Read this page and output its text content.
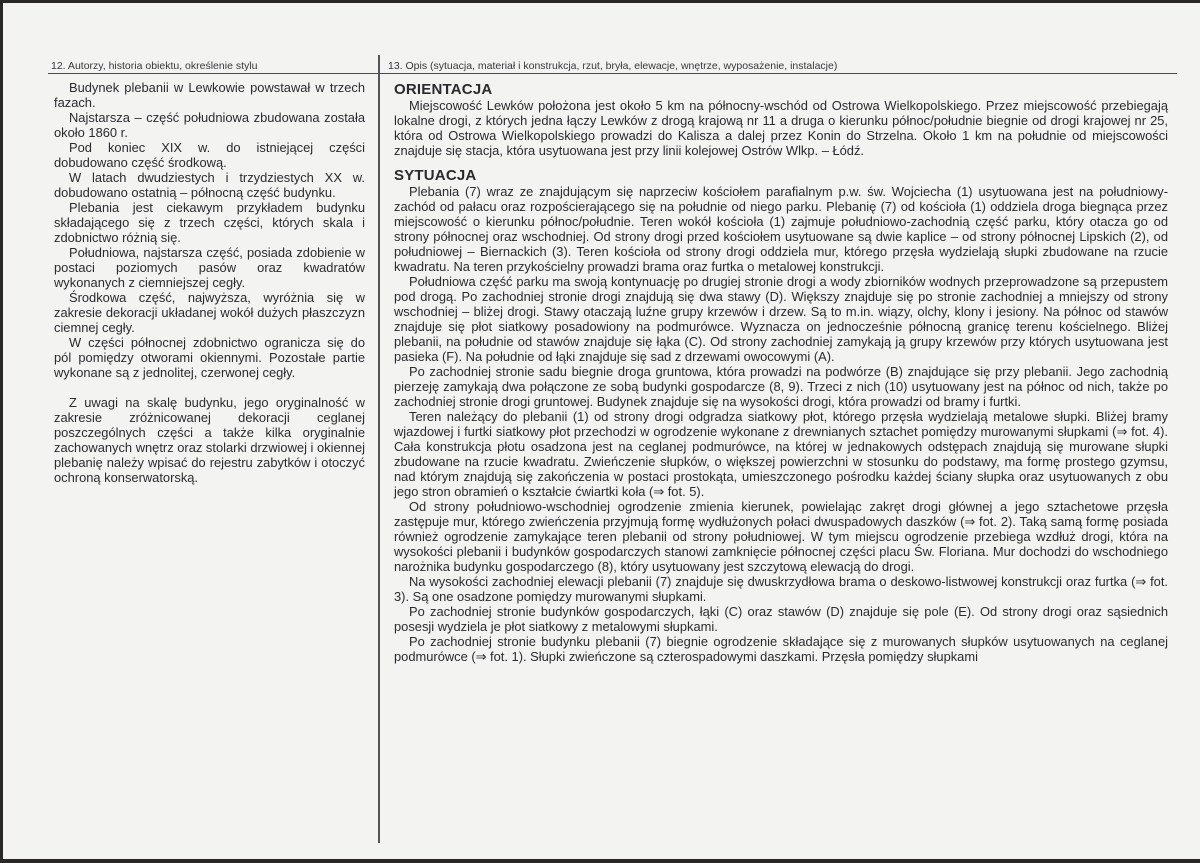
12. Autorzy, historia obiektu, określenie stylu	13. Opis (sytuacja, materiał i konstrukcja, rzut, bryła, elewacje, wnętrze, wyposażenie, instalacje)

Budynek plebanii w Lewkowie powstawał w trzech fazach.

Najstarsza – część południowa zbudowana została około 1860 r.

Pod koniec XIX w. do istniejącej części dobudowano część środkową.

W latach dwudziestych i trzydziestych XX w. dobudowano ostatnią – północną część budynku.

Plebania jest ciekawym przykładem budynku składającego się z trzech części, których skala i zdobnictwo różnią się.

Południowa, najstarsza część, posiada zdobienie w postaci poziomych pasów oraz kwadratów wykonanych z ciemniejszej cegły.

Środkowa część, najwyższa, wyróżnia się w zakresie dekoracji układanej wokół dużych płaszczyzn ciemnej cegły.

W części północnej zdobnictwo ogranicza się do pól pomiędzy otworami okiennymi. Pozostałe partie wykonane są z jednolitej, czerwonej cegły.

Z uwagi na skalę budynku, jego oryginalność w zakresie zróżnicowanej dekoracji ceglanej poszczególnych części a także kilka oryginalnie zachowanych wnętrz oraz stolarki drzwiowej i okiennej plebanię należy wpisać do rejestru zabytków i otoczyć ochroną konserwatorską.

ORIENTACJA

Miejscowość Lewków położona jest około 5 km na północny-wschód od Ostrowa Wielkopolskiego. Przez miejscowość przebiegają lokalne drogi, z których jedna łączy Lewków z drogą krajową nr 11 a druga o kierunku północ/południe biegnie od drogi krajowej nr 25, która od Ostrowa Wielkopolskiego prowadzi do Kalisza a dalej przez Konin do Strzelna. Około 1 km na południe od miejscowości znajduje się stacja, która usytuowana jest przy linii kolejowej Ostrów Wlkp. – Łódź.

SYTUACJA

Plebania (7) wraz ze znajdującym się naprzeciw kościołem parafialnym p.w. św. Wojciecha (1) usytuowana jest na południowy-zachód od pałacu oraz rozpościerającego się na południe od niego parku. Plebanię (7) od kościoła (1) oddziela droga biegnąca przez miejscowość o kierunku północ/południe. Teren wokół kościoła (1) zajmuje południowo-zachodnią część parku, który otacza go od strony północnej oraz wschodniej. Od strony drogi przed kościołem usytuowane są dwie kaplice – od strony północnej Lipskich (2), od południowej – Biernackich (3). Teren kościoła od strony drogi oddziela mur, którego przęsła wydzielają słupki zbudowane na rzucie kwadratu. Na teren przykościelny prowadzi brama oraz furtka o metalowej konstrukcji.

Południowa część parku ma swoją kontynuację po drugiej stronie drogi a wody zbiorników wodnych przeprowadzone są przepustem pod drogą. Po zachodniej stronie drogi znajdują się dwa stawy (D). Większy znajduje się po stronie zachodniej a mniejszy od strony wschodniej – bliżej drogi. Stawy otaczają luźne grupy krzewów i drzew. Są to m.in. wiązy, olchy, klony i jesiony. Na północ od stawów znajduje się płot siatkowy posadowiony na podmurówce. Wyznacza on jednocześnie północną granicę terenu kościelnego. Bliżej plebanii, na południe od stawów znajduje się łąka (C). Od strony zachodniej zamykają ją grupy krzewów przy których usytuowana jest pasieka (F). Na południe od łąki znajduje się sad z drzewami owocowymi (A).

Po zachodniej stronie sadu biegnie droga gruntowa, która prowadzi na podwórze (B) znajdujące się przy plebanii. Jego zachodnią pierzeję zamykają dwa połączone ze sobą budynki gospodarcze (8, 9). Trzeci z nich (10) usytuowany jest na północ od nich, także po zachodniej stronie drogi gruntowej. Budynek znajduje się na wysokości drogi, która prowadzi od bramy i furtki.

Teren należący do plebanii (1) od strony drogi odgradza siatkowy płot, którego przęsła wydzielają metalowe słupki. Bliżej bramy wjazdowej i furtki siatkowy płot przechodzi w ogrodzenie wykonane z drewnianych sztachet pomiędzy murowanymi słupkami (⇒ fot. 4). Cała konstrukcja płotu osadzona jest na ceglanej podmurówce, na której w jednakowych odstępach znajdują się murowane słupki zbudowane na rzucie kwadratu. Zwieńczenie słupków, o większej powierzchni w stosunku do podstawy, ma formę prostego gzymsu, nad którym znajdują się zakończenia w postaci prostokąta, umieszczonego pośrodku każdej ściany słupka oraz usytuowanych z obu jego stron obramień o kształcie ćwiartki koła (⇒ fot. 5).

Od strony południowo-wschodniej ogrodzenie zmienia kierunek, powielając zakręt drogi głównej a jego sztachetowe przęsła zastępuje mur, którego zwieńczenia przyjmują formę wydłużonych połaci dwuspadowych daszków (⇒ fot. 2). Taką samą formę posiada również ogrodzenie zamykające teren plebanii od strony południowej. W tym miejscu ogrodzenie przebiega wzdłuż drogi, która na wysokości plebanii i budynków gospodarczych stanowi zamknięcie północnej części placu Św. Floriana. Mur dochodzi do wschodniego narożnika budynku gospodarczego (8), który usytuowany jest szczytową elewacją do drogi.

Na wysokości zachodniej elewacji plebanii (7) znajduje się dwuskrzydłowa brama o deskowo-listwowej konstrukcji oraz furtka (⇒ fot. 3). Są one osadzone pomiędzy murowanymi słupkami.

Po zachodniej stronie budynków gospodarczych, łąki (C) oraz stawów (D) znajduje się pole (E). Od strony drogi oraz sąsiednich posesji wydziela je płot siatkowy z metalowymi słupkami.

Po zachodniej stronie budynku plebanii (7) biegnie ogrodzenie składające się z murowanych słupków usytuowanych na ceglanej podmurówce (⇒ fot. 1). Słupki zwieńczone są czterospadowymi daszkami. Przęsła pomiędzy słupkami
